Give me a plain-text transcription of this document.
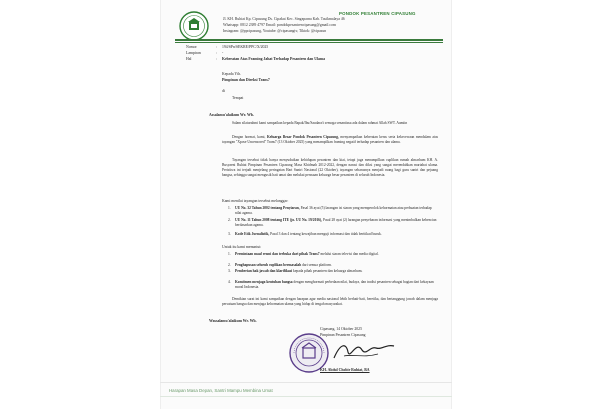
PONDOK PESANTREN CIPASUNG
Jl. KH. Ruhiat Kp. Cipasung Ds. Cipakat Kec. Singaparna Kab. Tasikmalaya 46
Whatsapp: 0812 2389 4797 Email: pondokpesantrencipasung@gmail.com
Instagram: @ppcipasung, Youtube: @cipasungtv, Tiktok: @cipasun
Nomor	: 194/SPn/SEKRE/PPC/X/2025
Lampiran	: -
Hal	: Keberatan Atas Framing Jahat Terhadap Pesantren dan Ulama
Kepada Yth.
Pimpinan dan Direksi Trans7
di
Tempat
Assalamu'alaikum Wr. Wb.
Salam silaturahmi kami sampaikan kepada Bapak/Ibu/Saudara/i semoga senantiasa ada dalam rahmat Allah SWT. Aamiin
Dengan hormat, kami, Keluarga Besar Pondok Pesantren Cipasung, menyampaikan keberatan keras serta kekecewaan mendalam atas tayangan "Xpose Uncensored" Trans7 (13 Oktober 2025) yang menampilkan framing negatif terhadap pesantren dan ulama.
Tayangan tersebut tidak hanya menyudutkan kehidupan pesantren dan kiai, tetapi juga menampilkan cuplikan rumah almarhum KH. A. Busyaeni Ruhiat Pimpinan Pesantren Cipasung Masa Khidmah 2012-2022, dengan narasi dan diksi yang sangat merendahkan martabat ulama. Peristiwa ini terjadi menjelang peringatan Hari Santri Nasional (22 Oktober), tayangan seharusnya menjadi ruang bagi guru santri dan pejuang bangsa, sehingga sangat mengusik hati umat dan melukai perasaan keluarga besar pesantren di seluruh Indonesia.
Kami menilai tayangan tersebut melanggar:
1. UU No. 32 Tahun 2002 tentang Penyiaran, Pasal 36 ayat (5) larangan isi siaran yang memperolok kehormatan atau perbuatan terhadap nilai agama.
2. UU No. 11 Tahun 2008 tentang ITE (jo. UU No. 19/2016), Pasal 28 ayat (2) larangan penyebaran informasi yang menimbulkan kebencian berdasarkan agama.
3. Kode Etik Jurnalistik, Pasal 3 dan 4 tentang kewajiban menguji informasi dan tidak beritikad buruk.
Untuk itu kami menuntut:
1. Permintaan maaf resmi dan terbuka dari pihak Trans7 melalui siaran televisi dan media digital.
2. Penghapusan seluruh cuplikan bermasalah dari semua platform.
3. Pemberian hak jawab dan klarifikasi kepada pihak pesantren dan keluarga almarhum.
4. Komitmen menjaga keutuhan bangsa dengan menghormati perbedaan nilai, budaya, dan tradisi pesantren sebagai bagian dari kekayaan moral Indonesia.
Demikian surat ini kami sampaikan dengan harapan agar media nasional lebih berhati-hati, beretika, dan bertanggung jawab dalam menjaga persatuan bangsa dan menjaga kehormatan ulama yang hidup di tengah masyarakat.
Wassalamu'alaikum Wr. Wb.
Cipasung, 14 Oktober 2025
Pimpinan Pesantren Cipasung
KH. Abdul Chobir Ruhiat, BA
Harapan Masa Depan, Santri Mampu Membina Umat
